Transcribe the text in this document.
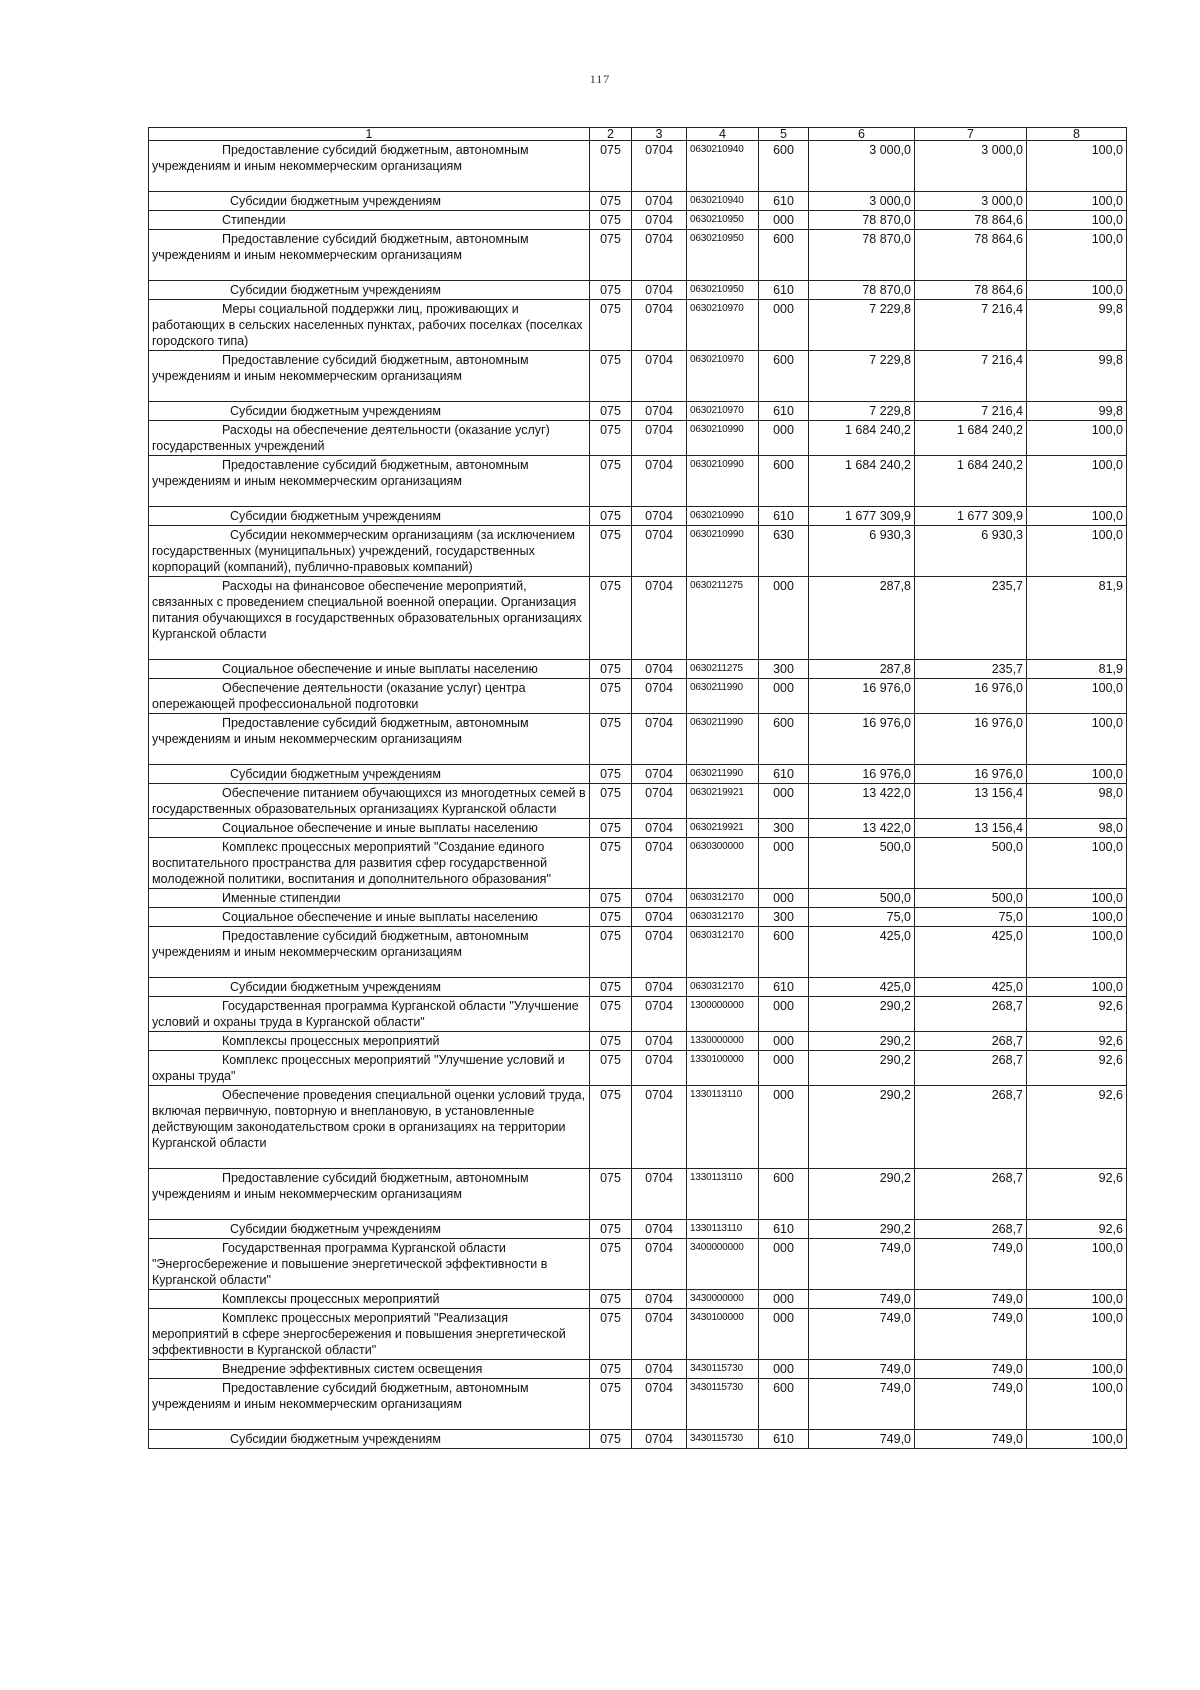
117
1	2	3	4	5	6	7	8
Предоставление субсидий бюджетным, автономным учреждениям и иным некоммерческим организациям	075	0704	0630210940	600	3 000,0	3 000,0	100,0
Субсидии бюджетным учреждениям	075	0704	0630210940	610	3 000,0	3 000,0	100,0
Стипендии	075	0704	0630210950	000	78 870,0	78 864,6	100,0
Предоставление субсидий бюджетным, автономным учреждениям и иным некоммерческим организациям	075	0704	0630210950	600	78 870,0	78 864,6	100,0
Субсидии бюджетным учреждениям	075	0704	0630210950	610	78 870,0	78 864,6	100,0
Меры социальной поддержки лиц, проживающих и работающих в сельских населенных пунктах, рабочих поселках (поселках городского типа)	075	0704	0630210970	000	7 229,8	7 216,4	99,8
Предоставление субсидий бюджетным, автономным учреждениям и иным некоммерческим организациям	075	0704	0630210970	600	7 229,8	7 216,4	99,8
Субсидии бюджетным учреждениям	075	0704	0630210970	610	7 229,8	7 216,4	99,8
Расходы на обеспечение деятельности (оказание услуг) государственных учреждений	075	0704	0630210990	000	1 684 240,2	1 684 240,2	100,0
Предоставление субсидий бюджетным, автономным учреждениям и иным некоммерческим организациям	075	0704	0630210990	600	1 684 240,2	1 684 240,2	100,0
Субсидии бюджетным учреждениям	075	0704	0630210990	610	1 677 309,9	1 677 309,9	100,0
Субсидии некоммерческим организациям (за исключением государственных (муниципальных) учреждений, государственных корпораций (компаний), публично-правовых компаний)	075	0704	0630210990	630	6 930,3	6 930,3	100,0
Расходы на финансовое обеспечение мероприятий, связанных с проведением специальной военной операции. Организация питания обучающихся в государственных образовательных организациях Курганской области	075	0704	0630211275	000	287,8	235,7	81,9
Социальное обеспечение и иные выплаты населению	075	0704	0630211275	300	287,8	235,7	81,9
Обеспечение деятельности (оказание услуг) центра опережающей профессиональной подготовки	075	0704	0630211990	000	16 976,0	16 976,0	100,0
Предоставление субсидий бюджетным, автономным учреждениям и иным некоммерческим организациям	075	0704	0630211990	600	16 976,0	16 976,0	100,0
Субсидии бюджетным учреждениям	075	0704	0630211990	610	16 976,0	16 976,0	100,0
Обеспечение питанием обучающихся из многодетных семей в государственных образовательных организациях Курганской области	075	0704	0630219921	000	13 422,0	13 156,4	98,0
Социальное обеспечение и иные выплаты населению	075	0704	0630219921	300	13 422,0	13 156,4	98,0
Комплекс процессных мероприятий "Создание единого воспитательного пространства для развития сфер государственной молодежной политики, воспитания и дополнительного образования"	075	0704	0630300000	000	500,0	500,0	100,0
Именные стипендии	075	0704	0630312170	000	500,0	500,0	100,0
Социальное обеспечение и иные выплаты населению	075	0704	0630312170	300	75,0	75,0	100,0
Предоставление субсидий бюджетным, автономным учреждениям и иным некоммерческим организациям	075	0704	0630312170	600	425,0	425,0	100,0
Субсидии бюджетным учреждениям	075	0704	0630312170	610	425,0	425,0	100,0
Государственная программа Курганской области "Улучшение условий и охраны труда в Курганской области"	075	0704	1300000000	000	290,2	268,7	92,6
Комплексы процессных мероприятий	075	0704	1330000000	000	290,2	268,7	92,6
Комплекс процессных мероприятий "Улучшение условий и охраны труда"	075	0704	1330100000	000	290,2	268,7	92,6
Обеспечение проведения специальной оценки условий труда, включая первичную, повторную и внеплановую, в установленные действующим законодательством сроки в организациях на территории Курганской области	075	0704	1330113110	000	290,2	268,7	92,6
Предоставление субсидий бюджетным, автономным учреждениям и иным некоммерческим организациям	075	0704	1330113110	600	290,2	268,7	92,6
Субсидии бюджетным учреждениям	075	0704	1330113110	610	290,2	268,7	92,6
Государственная программа Курганской области "Энергосбережение и повышение энергетической эффективности в Курганской области"	075	0704	3400000000	000	749,0	749,0	100,0
Комплексы процессных мероприятий	075	0704	3430000000	000	749,0	749,0	100,0
Комплекс процессных мероприятий "Реализация мероприятий в сфере энергосбережения и повышения энергетической эффективности в Курганской области"	075	0704	3430100000	000	749,0	749,0	100,0
Внедрение эффективных систем освещения	075	0704	3430115730	000	749,0	749,0	100,0
Предоставление субсидий бюджетным, автономным учреждениям и иным некоммерческим организациям	075	0704	3430115730	600	749,0	749,0	100,0
Субсидии бюджетным учреждениям	075	0704	3430115730	610	749,0	749,0	100,0
